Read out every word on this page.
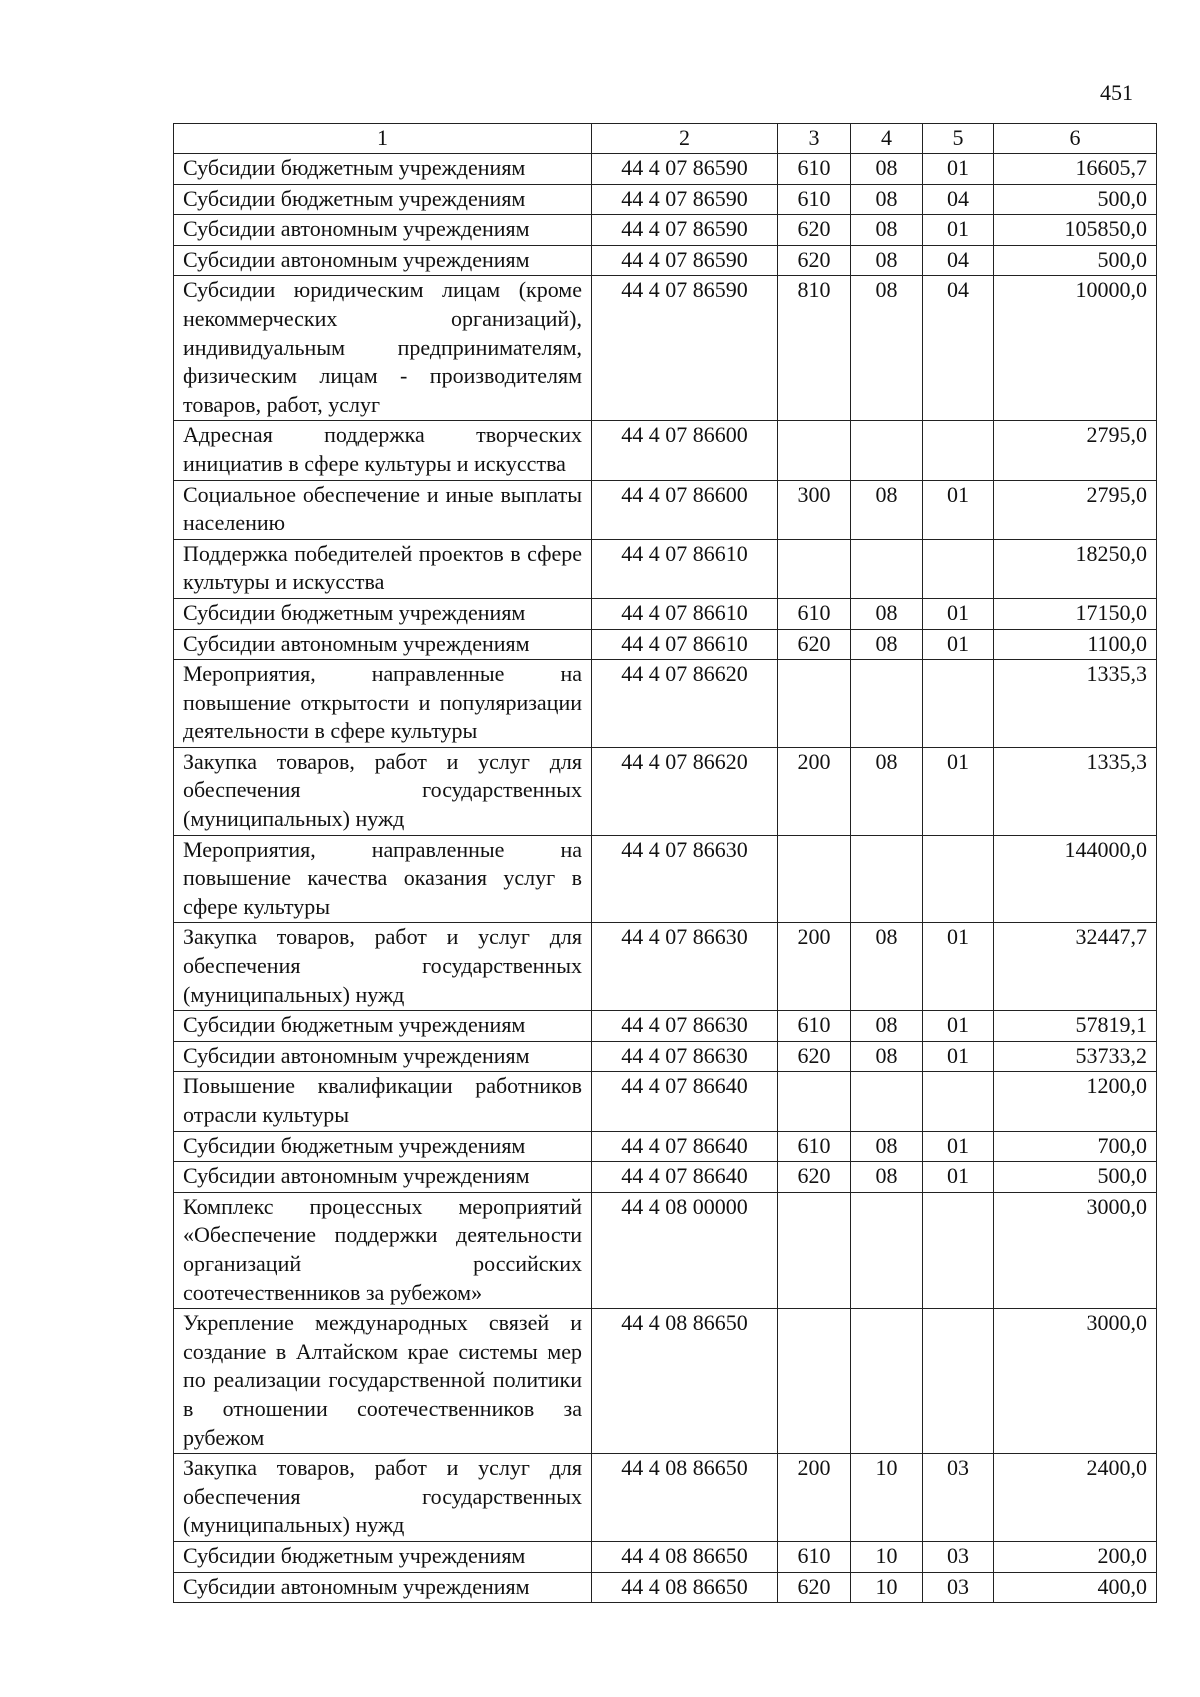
451
1	2	3	4	5	6
Субсидии бюджетным учреждениям	44 4 07 86590	610	08	01	16605,7
Субсидии бюджетным учреждениям	44 4 07 86590	610	08	04	500,0
Субсидии автономным учреждениям	44 4 07 86590	620	08	01	105850,0
Субсидии автономным учреждениям	44 4 07 86590	620	08	04	500,0
Субсидии юридическим лицам (кроме некоммерческих организаций), индивидуальным предпринимателям, физическим лицам - производителям товаров, работ, услуг	44 4 07 86590	810	08	04	10000,0
Адресная поддержка творческих инициатив в сфере культуры и искусства	44 4 07 86600				2795,0
Социальное обеспечение и иные выплаты населению	44 4 07 86600	300	08	01	2795,0
Поддержка победителей проектов в сфере культуры и искусства	44 4 07 86610				18250,0
Субсидии бюджетным учреждениям	44 4 07 86610	610	08	01	17150,0
Субсидии автономным учреждениям	44 4 07 86610	620	08	01	1100,0
Мероприятия, направленные на повышение открытости и популяризации деятельности в сфере культуры	44 4 07 86620				1335,3
Закупка товаров, работ и услуг для обеспечения государственных (муниципальных) нужд	44 4 07 86620	200	08	01	1335,3
Мероприятия, направленные на повышение качества оказания услуг в сфере культуры	44 4 07 86630				144000,0
Закупка товаров, работ и услуг для обеспечения государственных (муниципальных) нужд	44 4 07 86630	200	08	01	32447,7
Субсидии бюджетным учреждениям	44 4 07 86630	610	08	01	57819,1
Субсидии автономным учреждениям	44 4 07 86630	620	08	01	53733,2
Повышение квалификации работников отрасли культуры	44 4 07 86640				1200,0
Субсидии бюджетным учреждениям	44 4 07 86640	610	08	01	700,0
Субсидии автономным учреждениям	44 4 07 86640	620	08	01	500,0
Комплекс процессных мероприятий «Обеспечение поддержки деятельности организаций российских соотечественников за рубежом»	44 4 08 00000				3000,0
Укрепление международных связей и создание в Алтайском крае системы мер по реализации государственной политики в отношении соотечественников за рубежом	44 4 08 86650				3000,0
Закупка товаров, работ и услуг для обеспечения государственных (муниципальных) нужд	44 4 08 86650	200	10	03	2400,0
Субсидии бюджетным учреждениям	44 4 08 86650	610	10	03	200,0
Субсидии автономным учреждениям	44 4 08 86650	620	10	03	400,0
